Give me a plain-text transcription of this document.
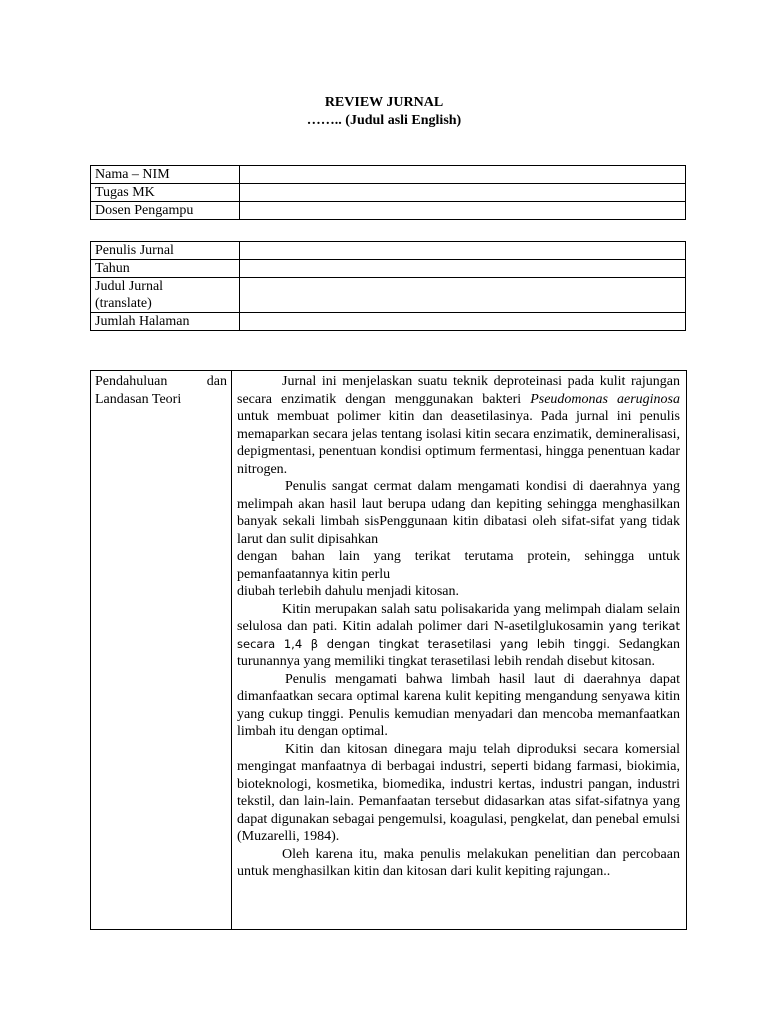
REVIEW JURNAL
…….. (Judul asli English)
Nama – NIM	
Tugas MK	
Dosen Pengampu	
Penulis Jurnal	
Tahun	

Judul Jurnal
(translate)	

Jumlah Halaman	
Pendahuluan	dan
Landasan Teori

Jurnal ini menjelaskan suatu teknik deproteinasi pada kulit rajungan secara enzimatik dengan menggunakan bakteri Pseudomonas aeruginosa untuk membuat polimer kitin dan deasetilasinya. Pada jurnal ini penulis memaparkan secara jelas tentang isolasi kitin secara enzimatik, demineralisasi, depigmentasi, penentuan kondisi optimum fermentasi, hingga penentuan kadar nitrogen.

Penulis sangat cermat dalam mengamati kondisi di daerahnya yang melimpah akan hasil laut berupa udang dan kepiting sehingga menghasilkan banyak sekali limbah sisPenggunaan kitin dibatasi oleh sifat-sifat yang tidak larut dan sulit dipisahkan

dengan bahan lain yang terikat terutama protein, sehingga untuk pemanfaatannya kitin perlu

diubah terlebih dahulu menjadi kitosan.

Kitin merupakan salah satu polisakarida yang melimpah dialam selain selulosa dan pati. Kitin adalah polimer dari N-asetilglukosamin yang terikat secara 1,4 β dengan tingkat terasetilasi yang lebih tinggi. Sedangkan turunannya yang memiliki tingkat terasetilasi lebih rendah disebut kitosan.

Penulis mengamati bahwa limbah hasil laut di daerahnya dapat dimanfaatkan secara optimal karena kulit kepiting mengandung senyawa kitin yang cukup tinggi. Penulis kemudian menyadari dan mencoba memanfaatkan limbah itu dengan optimal.

Kitin dan kitosan dinegara maju telah diproduksi secara komersial mengingat manfaatnya di berbagai industri, seperti bidang farmasi, biokimia, bioteknologi, kosmetika, biomedika, industri kertas, industri pangan, industri tekstil, dan lain-lain. Pemanfaatan tersebut didasarkan atas sifat-sifatnya yang dapat digunakan sebagai pengemulsi, koagulasi, pengkelat, dan penebal emulsi (Muzarelli, 1984).

Oleh karena itu, maka penulis melakukan penelitian dan percobaan untuk menghasilkan kitin dan kitosan dari kulit kepiting rajungan..
